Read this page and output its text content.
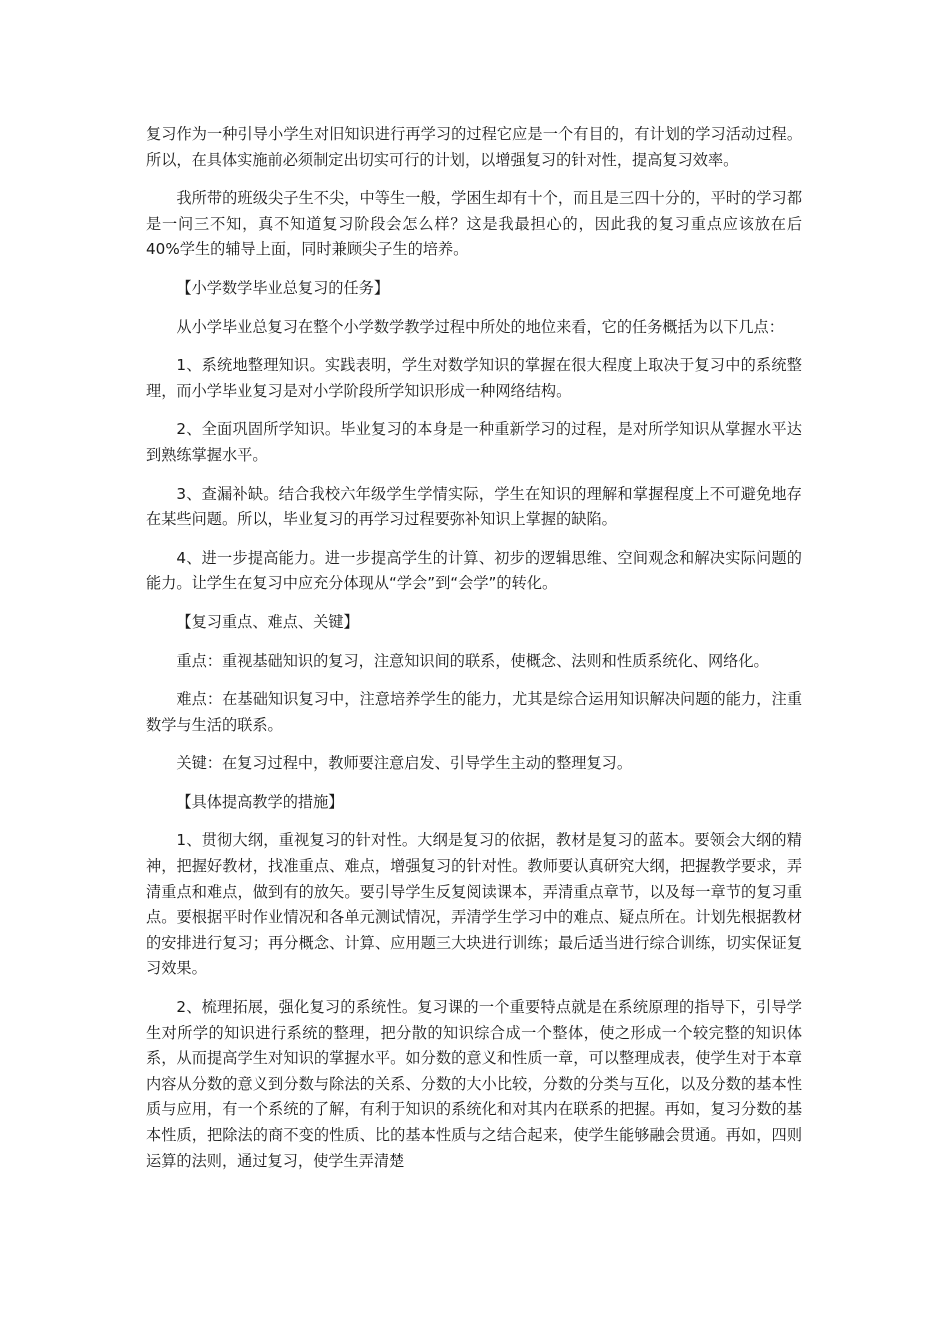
复习作为一种引导小学生对旧知识进行再学习的过程它应是一个有目的，有计划的学习活动过程。所以，在具体实施前必须制定出切实可行的计划，以增强复习的针对性，提高复习效率。

我所带的班级尖子生不尖，中等生一般，学困生却有十个，而且是三四十分的，平时的学习都是一问三不知，真不知道复习阶段会怎么样？这是我最担心的，因此我的复习重点应该放在后40%学生的辅导上面，同时兼顾尖子生的培养。

【小学数学毕业总复习的任务】

从小学毕业总复习在整个小学数学教学过程中所处的地位来看，它的任务概括为以下几点：

1、系统地整理知识。实践表明，学生对数学知识的掌握在很大程度上取决于复习中的系统整理，而小学毕业复习是对小学阶段所学知识形成一种网络结构。

2、全面巩固所学知识。毕业复习的本身是一种重新学习的过程，是对所学知识从掌握水平达到熟练掌握水平。

3、查漏补缺。结合我校六年级学生学情实际，学生在知识的理解和掌握程度上不可避免地存在某些问题。所以，毕业复习的再学习过程要弥补知识上掌握的缺陷。

4、进一步提高能力。进一步提高学生的计算、初步的逻辑思维、空间观念和解决实际问题的能力。让学生在复习中应充分体现从“学会”到“会学”的转化。

【复习重点、难点、关键】

重点：重视基础知识的复习，注意知识间的联系，使概念、法则和性质系统化、网络化。

难点：在基础知识复习中，注意培养学生的能力，尤其是综合运用知识解决问题的能力，注重数学与生活的联系。

关键：在复习过程中，教师要注意启发、引导学生主动的整理复习。

【具体提高教学的措施】

1、贯彻大纲，重视复习的针对性。大纲是复习的依据，教材是复习的蓝本。要领会大纲的精神，把握好教材，找准重点、难点，增强复习的针对性。教师要认真研究大纲，把握教学要求，弄清重点和难点，做到有的放矢。要引导学生反复阅读课本，弄清重点章节，以及每一章节的复习重点。要根据平时作业情况和各单元测试情况，弄清学生学习中的难点、疑点所在。计划先根据教材的安排进行复习；再分概念、计算、应用题三大块进行训练；最后适当进行综合训练，切实保证复习效果。

2、梳理拓展，强化复习的系统性。复习课的一个重要特点就是在系统原理的指导下，引导学生对所学的知识进行系统的整理，把分散的知识综合成一个整体，使之形成一个较完整的知识体系，从而提高学生对知识的掌握水平。如分数的意义和性质一章，可以整理成表，使学生对于本章内容从分数的意义到分数与除法的关系、分数的大小比较，分数的分类与互化，以及分数的基本性质与应用，有一个系统的了解，有利于知识的系统化和对其内在联系的把握。再如，复习分数的基本性质，把除法的商不变的性质、比的基本性质与之结合起来，使学生能够融会贯通。再如，四则运算的法则，通过复习，使学生弄清楚
